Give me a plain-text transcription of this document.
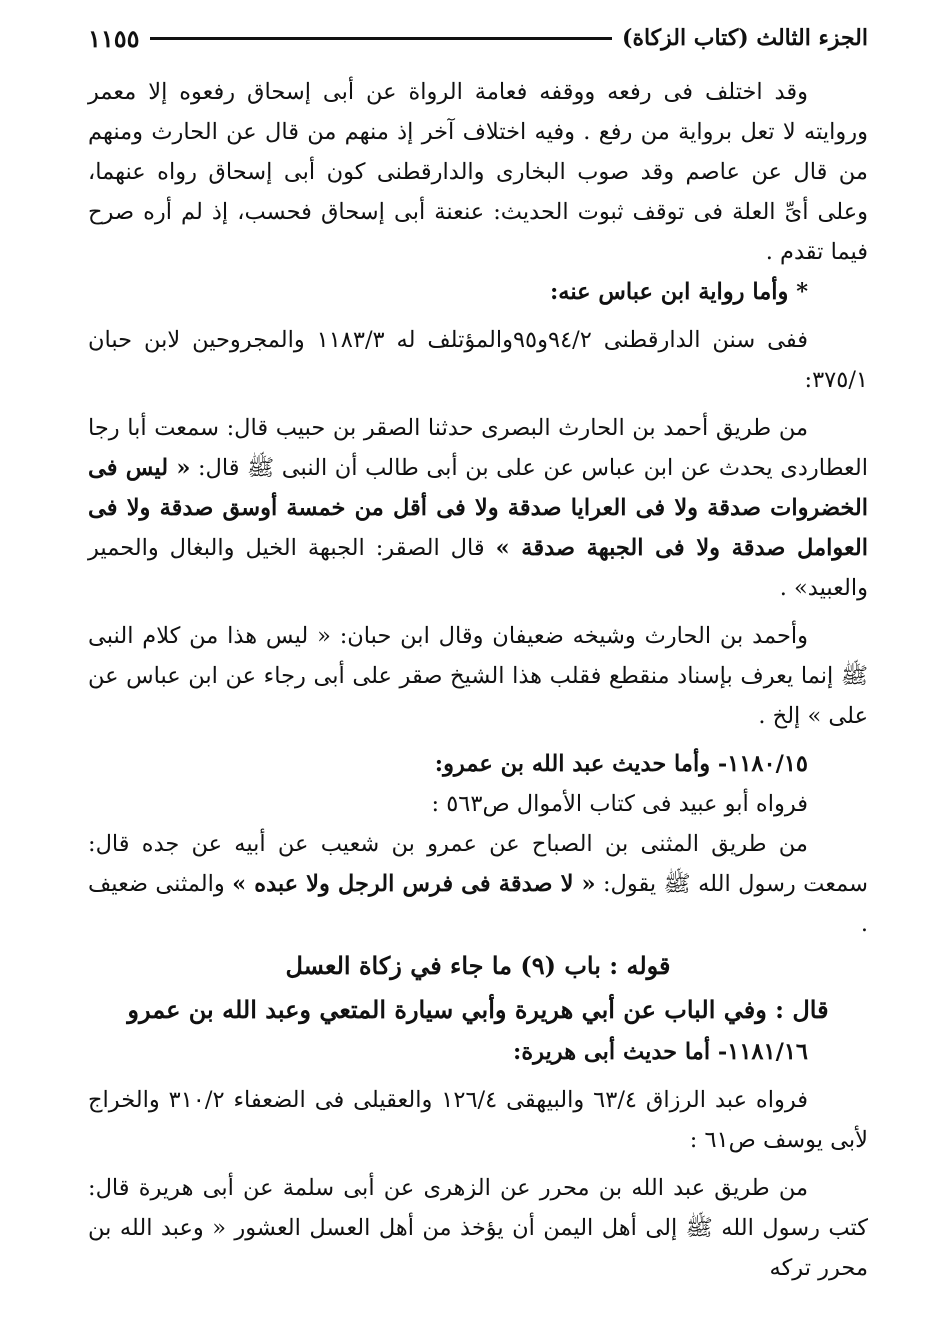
الجزء الثالث (كتاب الزكاة)
١١٥٥

وقد اختلف فى رفعه ووقفه فعامة الرواة عن أبى إسحاق رفعوه إلا معمر وروايته لا تعل برواية من رفع . وفيه اختلاف آخر إذ منهم من قال عن الحارث ومنهم من قال عن عاصم وقد صوب البخارى والدارقطنى كون أبى إسحاق رواه عنهما، وعلى أىِّ العلة فى توقف ثبوت الحديث: عنعنة أبى إسحاق فحسب، إذ لم أره صرح فيما تقدم .

* وأما رواية ابن عباس عنه:

ففى سنن الدارقطنى ٩٤/٢و٩٥والمؤتلف له ١١٨٣/٣ والمجروحين لابن حبان ٣٧٥/١:

من طريق أحمد بن الحارث البصرى حدثنا الصقر بن حبيب قال: سمعت أبا رجا العطاردى يحدث عن ابن عباس عن على بن أبى طالب أن النبى ﷺ قال: « ليس فى الخضروات صدقة ولا فى العرايا صدقة ولا فى أقل من خمسة أوسق صدقة ولا فى العوامل صدقة ولا فى الجبهة صدقة » قال الصقر: الجبهة الخيل والبغال والحمير والعبيد» .

وأحمد بن الحارث وشيخه ضعيفان وقال ابن حبان: « ليس هذا من كلام النبى ﷺ إنما يعرف بإسناد منقطع فقلب هذا الشيخ صقر على أبى رجاء عن ابن عباس عن على » إلخ .

١١٨٠/١٥- وأما حديث عبد الله بن عمرو:

فرواه أبو عبيد فى كتاب الأموال ص٥٦٣ :

من طريق المثنى بن الصباح عن عمرو بن شعيب عن أبيه عن جده قال: سمعت رسول الله ﷺ يقول: « لا صدقة فى فرس الرجل ولا عبده » والمثنى ضعيف .

قوله : باب (٩) ما جاء في زكاة العسل

قال : وفي الباب عن أبي هريرة وأبي سيارة المتعي وعبد الله بن عمرو

١١٨١/١٦- أما حديث أبى هريرة:

فرواه عبد الرزاق ٦٣/٤ والبيهقى ١٢٦/٤ والعقيلى فى الضعفاء ٣١٠/٢ والخراج لأبى يوسف ص٦١ :

من طريق عبد الله بن محرر عن الزهرى عن أبى سلمة عن أبى هريرة قال: كتب رسول الله ﷺ إلى أهل اليمن أن يؤخذ من أهل العسل العشور « وعبد الله بن محرر تركه
